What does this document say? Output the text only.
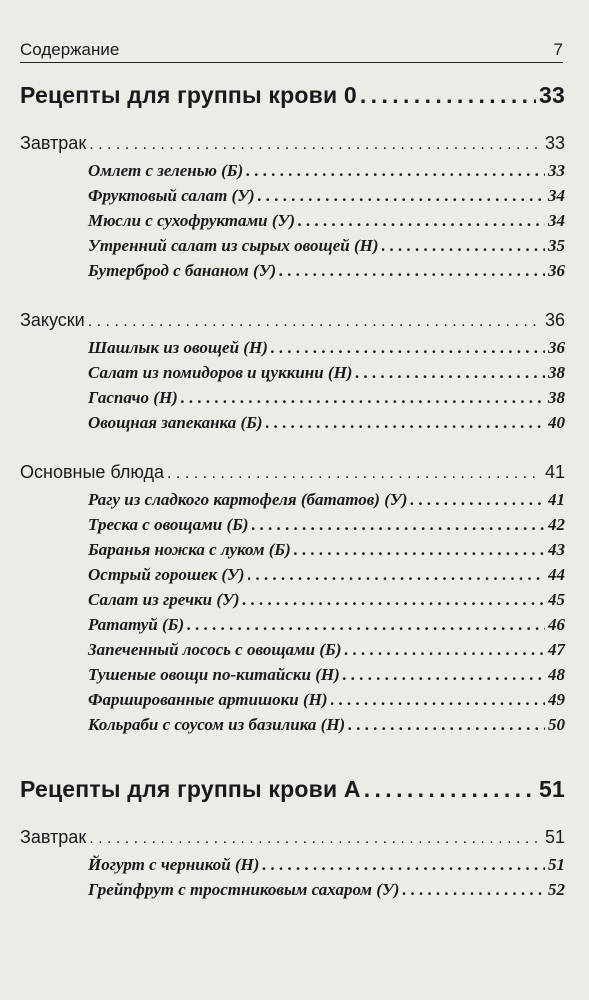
Содержание	7
Рецепты для группы крови 0 . . .	33
Завтрак . . .	33
Омлет с зеленью (Б) . . .	33
Фруктовый салат (У) . . .	34
Мюсли с сухофруктами (У) . . .	34
Утренний салат из сырых овощей (Н) . . .	35
Бутерброд с бананом (У) . . .	36
Закуски . . .	36
Шашлык из овощей (Н) . . .	36
Салат из помидоров и цуккини (Н) . . .	38
Гаспачо (Н) . . .	38
Овощная запеканка (Б) . . .	40
Основные блюда . . .	41
Рагу из сладкого картофеля (бататов) (У) . . .	41
Треска с овощами (Б) . . .	42
Баранья ножка с луком (Б) . . .	43
Острый горошек (У) . . .	44
Салат из гречки (У) . . .	45
Рататуй (Б) . . .	46
Запеченный лосось с овощами (Б) . . .	47
Тушеные овощи по-китайски (Н) . . .	48
Фаршированные артишоки (Н) . . .	49
Кольраби с соусом из базилика (Н) . . .	50
Рецепты для группы крови А . . .	51
Завтрак . . .	51
Йогурт с черникой (Н) . . .	51
Грейпфрут с тростниковым сахаром (У) . . .	52
